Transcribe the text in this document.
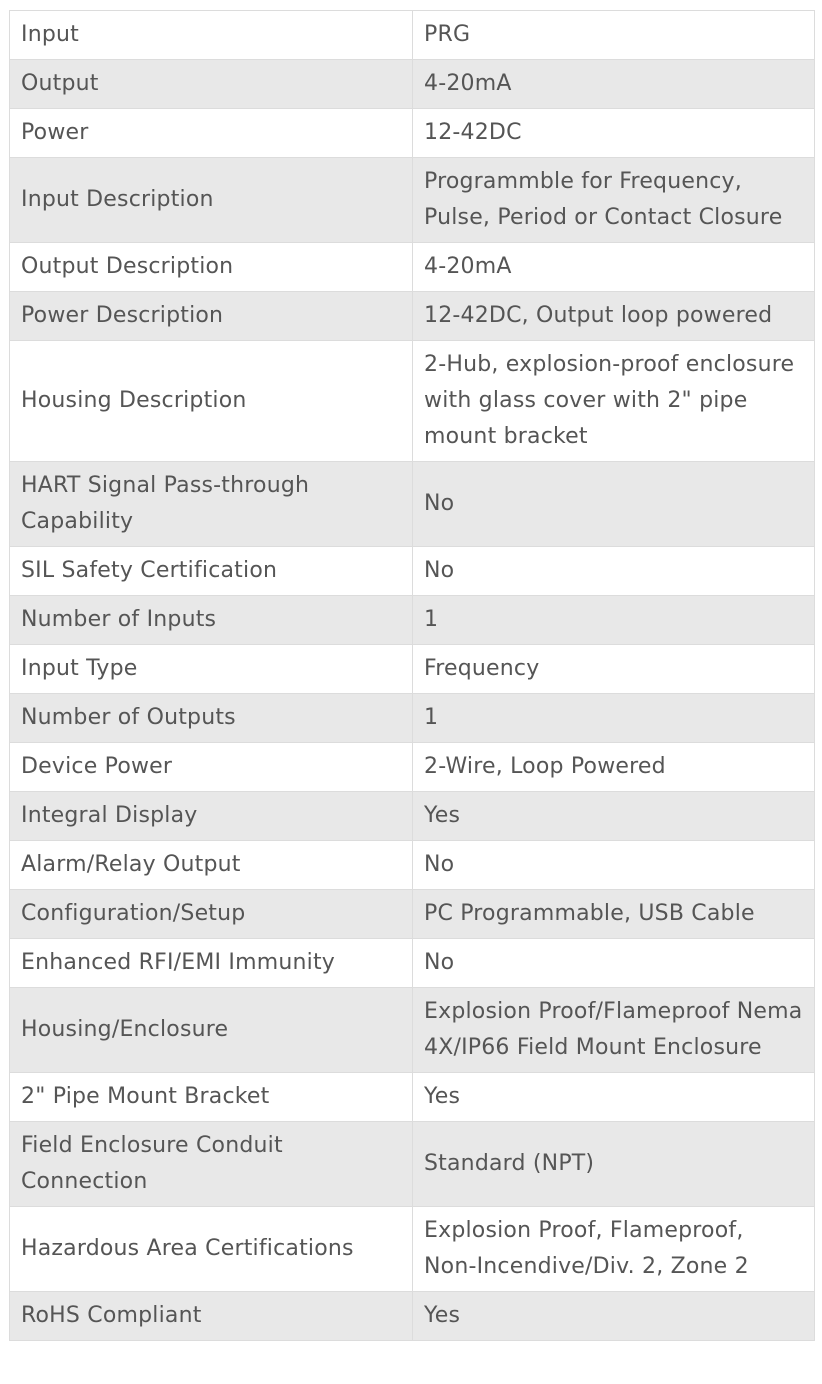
Input	PRG
Output	4-20mA
Power	12-42DC
Input Description	Programmble for Frequency, Pulse, Period or Contact Closure
Output Description	4-20mA
Power Description	12-42DC, Output loop powered
Housing Description	2-Hub, explosion-proof enclosure with glass cover with 2" pipe mount bracket
HART Signal Pass-through Capability	No
SIL Safety Certification	No
Number of Inputs	1
Input Type	Frequency
Number of Outputs	1
Device Power	2-Wire, Loop Powered
Integral Display	Yes
Alarm/Relay Output	No
Configuration/Setup	PC Programmable, USB Cable
Enhanced RFI/EMI Immunity	No
Housing/Enclosure	Explosion Proof/Flameproof Nema 4X/IP66 Field Mount Enclosure
2" Pipe Mount Bracket	Yes
Field Enclosure Conduit Connection	Standard (NPT)
Hazardous Area Certifications	Explosion Proof, Flameproof, Non-Incendive/Div. 2, Zone 2
RoHS Compliant	Yes
